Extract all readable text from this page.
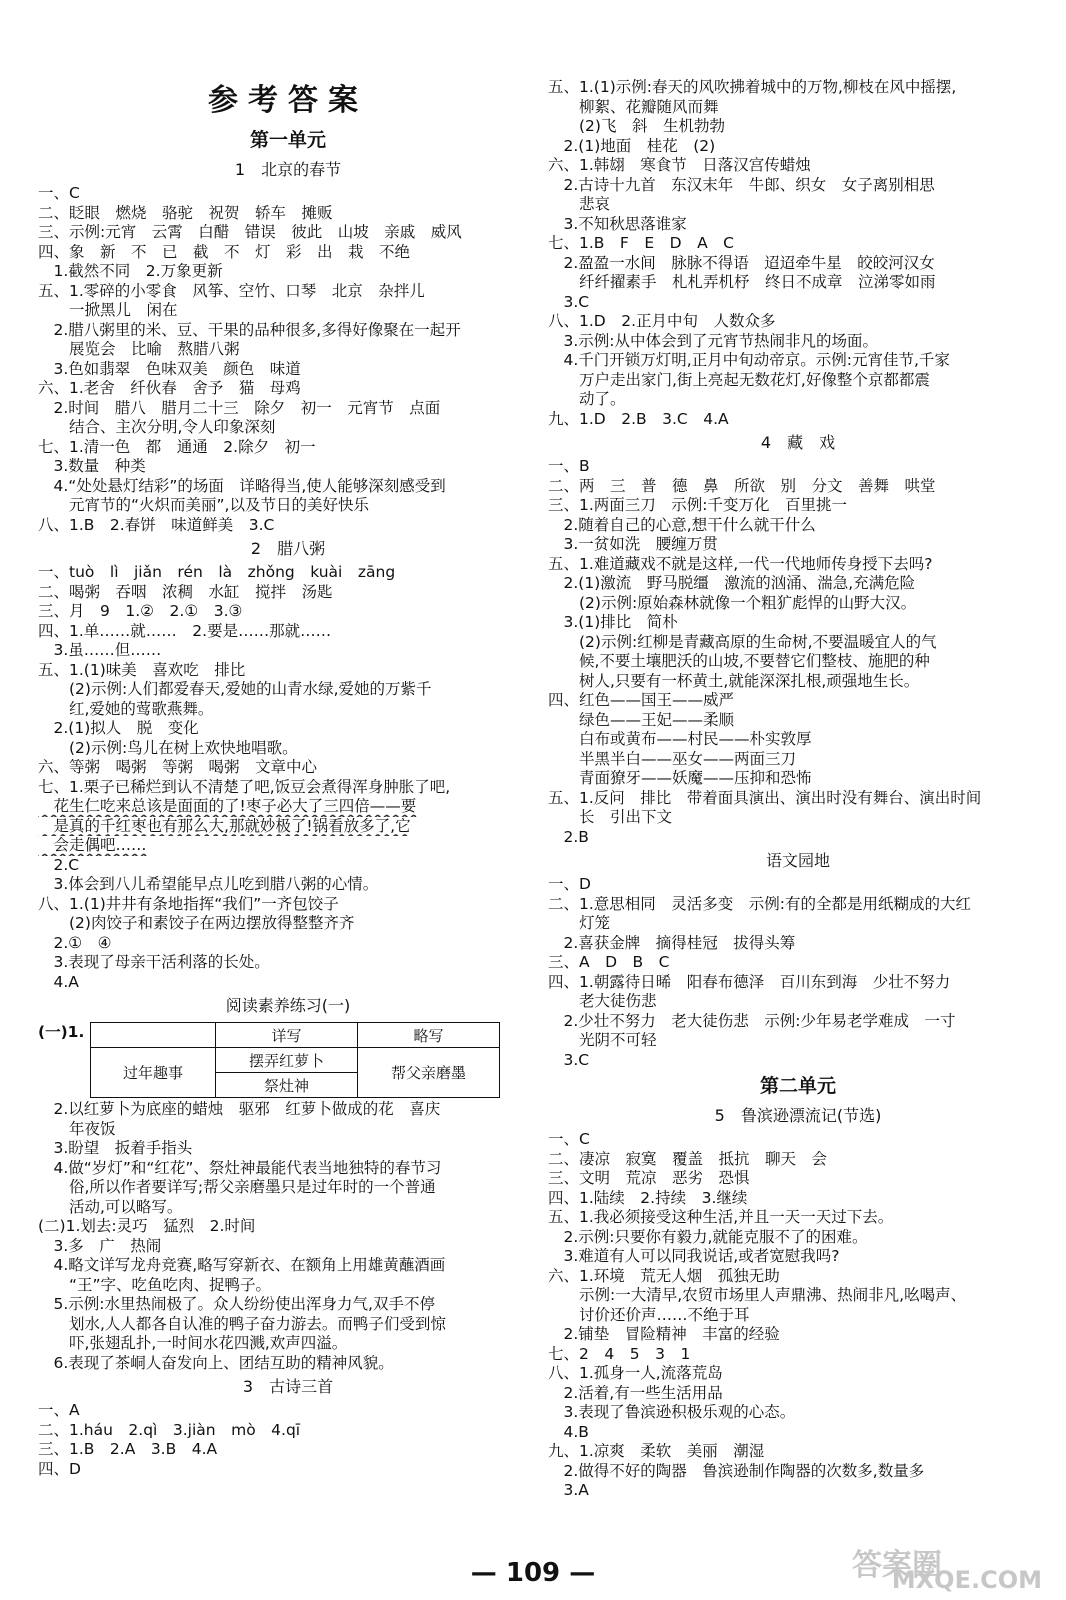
参考答案
第一单元
1　北京的春节
一、C
二、眨眼　燃烧　骆驼　祝贺　轿车　摊贩
三、示例:元宵　云霄　白醋　错误　彼此　山坡　亲戚　威风
四、象　新　不　已　截　不　灯　彩　出　栽　不绝
　1.截然不同　2.万象更新
五、1.零碎的小零食　风筝、空竹、口琴　北京　杂拌儿
　　一掀黑儿　闲在
　2.腊八粥里的米、豆、干果的品种很多,多得好像聚在一起开
　　展览会　比喻　熬腊八粥
　3.色如翡翠　色味双美　颜色　味道
六、1.老舍　纤伙春　舍予　猫　母鸡
　2.时间　腊八　腊月二十三　除夕　初一　元宵节　点面
　　结合、主次分明,令人印象深刻
七、1.清一色　都　通通　2.除夕　初一
　3.数量　种类
　4.“处处悬灯结彩”的场面　详略得当,使人能够深刻感受到
　　元宵节的“火炽而美丽”,以及节日的美好快乐
八、1.B　2.春饼　味道鲜美　3.C
2　腊八粥
一、tuò　lì　jiǎn　rén　là　zhǒng　kuài　zāng
二、喝粥　吞咽　浓稠　水缸　搅拌　汤匙
三、月　9　1.②　2.①　3.③
四、1.单……就……　2.要是……那就……
　3.虽……但……
五、1.(1)味美　喜欢吃　排比
　　(2)示例:人们都爱春天,爱她的山青水绿,爱她的万紫千
　　红,爱她的莺歌燕舞。
　2.(1)拟人　脱　变化
　　(2)示例:鸟儿在树上欢快地唱歌。
六、等粥　喝粥　等粥　喝粥　文章中心
七、1.栗子已稀烂到认不清楚了吧,饭豆会煮得浑身肿胀了吧,
　花生仁吃来总该是面面的了!枣子必大了三四倍——要
　是真的千红枣也有那么大,那就妙极了!锅看放多了,它
　会走偶吧……
　2.C
　3.体会到八儿希望能早点儿吃到腊八粥的心情。
八、1.(1)井井有条地指挥“我们”一齐包饺子
　　(2)肉饺子和素饺子在两边摆放得整整齐齐
　2.①　④
　3.表现了母亲干活利落的长处。
　4.A
阅读素养练习(一)
(一)1.
		详写	略写
过年趣事	摆弄红萝卜	帮父亲磨墨
	祭灶神	
　2.以红萝卜为底座的蜡烛　驱邪　红萝卜做成的花　喜庆
　　年夜饭
　3.盼望　扳着手指头
　4.做“岁灯”和“红花”、祭灶神最能代表当地独特的春节习
　　俗,所以作者要详写;帮父亲磨墨只是过年时的一个普通
　　活动,可以略写。
(二)1.划去:灵巧　猛烈　2.时间
　3.多　广　热闹
　4.略文详写龙舟竞赛,略写穿新衣、在额角上用雄黄蘸酒画
　　“王”字、吃鱼吃肉、捉鸭子。
　5.示例:水里热闹极了。众人纷纷使出浑身力气,双手不停
　　划水,人人都各自认准的鸭子奋力游去。而鸭子们受到惊
　　吓,张翅乱扑,一时间水花四溅,欢声四溢。
　6.表现了茶峒人奋发向上、团结互助的精神风貌。
3　古诗三首
一、A
二、1.háu　2.qì　3.jiàn　mò　4.qī
三、1.B　2.A　3.B　4.A
四、D
五、1.(1)示例:春天的风吹拂着城中的万物,柳枝在风中摇摆,
　　柳絮、花瓣随风而舞
　　(2)飞　斜　生机勃勃
　2.(1)地面　桂花　(2)
六、1.韩翃　寒食节　日落汉宫传蜡烛
　2.古诗十九首　东汉末年　牛郎、织女　女子离别相思
　　悲哀
　3.不知秋思落谁家
七、1.B　F　E　D　A　C
　2.盈盈一水间　脉脉不得语　迢迢牵牛星　皎皎河汉女
　　纤纤擢素手　札札弄机杼　终日不成章　泣涕零如雨
　3.C
八、1.D　2.正月中旬　人数众多
　3.示例:从中体会到了元宵节热闹非凡的场面。
　4.千门开锁万灯明,正月中旬动帝京。示例:元宵佳节,千家
　　万户走出家门,街上亮起无数花灯,好像整个京都都震
　　动了。
九、1.D　2.B　3.C　4.A
4　藏　戏
一、B
二、两　三　普　德　鼻　所欲　别　分文　善舞　哄堂
三、1.两面三刀　示例:千变万化　百里挑一
　2.随着自己的心意,想干什么就干什么
　3.一贫如洗　腰缠万贯
五、1.难道藏戏不就是这样,一代一代地师传身授下去吗?
　2.(1)激流　野马脱缰　激流的汹涌、湍急,充满危险
　　(2)示例:原始森林就像一个粗犷彪悍的山野大汉。
　3.(1)排比　简朴
　　(2)示例:红柳是青藏高原的生命树,不要温暖宜人的气
　　候,不要土壤肥沃的山坡,不要替它们整枝、施肥的种
　　树人,只要有一杯黄土,就能深深扎根,顽强地生长。
四、红色——国王——威严
　　绿色——王妃——柔顺
　　白布或黄布——村民——朴实敦厚
　　半黑半白——巫女——两面三刀
　　青面獠牙——妖魔——压抑和恐怖
五、1.反问　排比　带着面具演出、演出时没有舞台、演出时间
　　长　引出下文
　2.B
语文园地
一、D
二、1.意思相同　灵活多变　示例:有的全都是用纸糊成的大红
　　灯笼
　2.喜获金牌　摘得桂冠　拔得头筹
三、A　D　B　C
四、1.朝露待日晞　阳春布德泽　百川东到海　少壮不努力
　　老大徒伤悲
　2.少壮不努力　老大徒伤悲　示例:少年易老学难成　一寸
　　光阴不可轻
　3.C
第二单元
5　鲁滨逊漂流记(节选)
一、C
二、凄凉　寂寞　覆盖　抵抗　聊天　会
三、文明　荒凉　恶劣　恐惧
四、1.陆续　2.持续　3.继续
五、1.我必须接受这种生活,并且一天一天过下去。
　2.示例:只要你有毅力,就能克服不了的困难。
　3.难道有人可以同我说话,或者宽慰我吗?
六、1.环境　荒无人烟　孤独无助
　　示例:一大清早,农贸市场里人声鼎沸、热闹非凡,吆喝声、
　　讨价还价声……不绝于耳
　2.铺垫　冒险精神　丰富的经验
七、2　4　5　3　1
八、1.孤身一人,流落荒岛
　2.活着,有一些生活用品
　3.表现了鲁滨逊积极乐观的心态。
　4.B
九、1.凉爽　柔软　美丽　潮湿
　2.做得不好的陶器　鲁滨逊制作陶器的次数多,数量多
　3.A
— 109 —	答案圈
MXQE.COM
